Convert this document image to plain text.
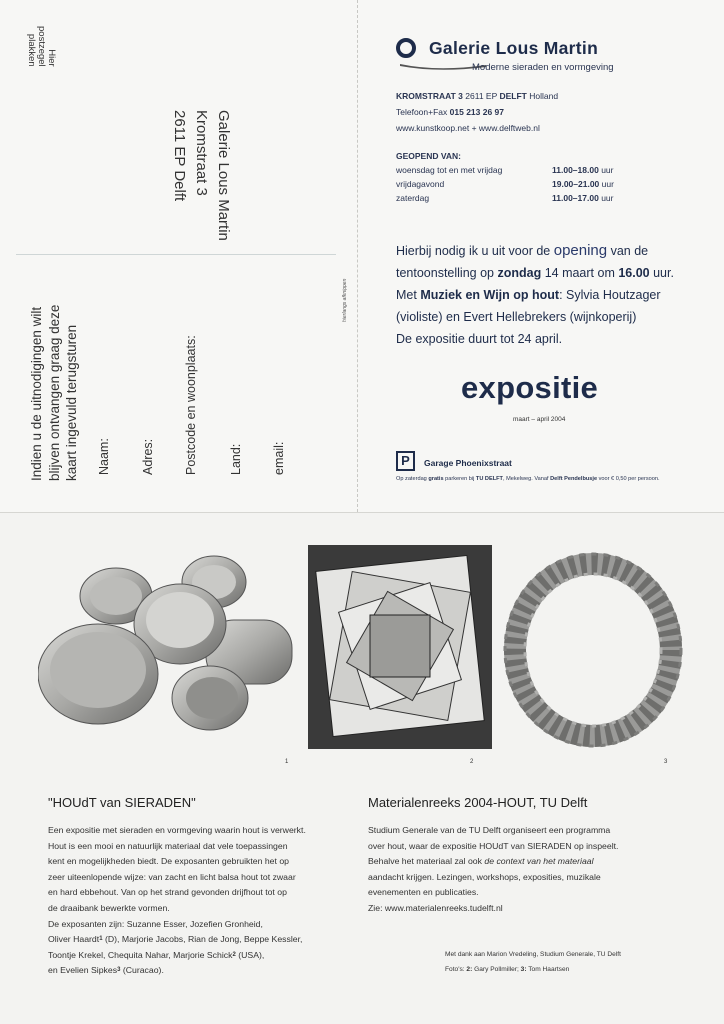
Hier
postzegel
plakken
Galerie Lous Martin
Kromstraat 3
2611 EP Delft
hierlangs afknippen
Indien u de uitnodigingen wilt blijven ontvangen graag deze kaart ingevuld terugsturen Naam: Adres: Postcode en woonplaats: Land: email:
Galerie Lous Martin
Moderne sieraden en vormgeving
KROMSTRAAT 3 2611 EP DELFT Holland
Telefoon+Fax 015 213 26 97
www.kunstkoop.net + www.delftweb.nl
GEOPEND VAN:
woensdag tot en met vrijdag	11.00–18.00 uur
vrijdagavond	19.00–21.00 uur
zaterdag	11.00–17.00 uur
Hierbij nodig ik u uit voor de opening van de
tentoonstelling op zondag 14 maart om 16.00 uur.
Met Muziek en Wijn op hout: Sylvia Houtzager
(violiste) en Evert Hellebrekers (wijnkoperij)
De expositie duurt tot 24 april.
expositie
maart – april 2004
P	Garage Phoenixstraat
Op zaterdag gratis parkeren bij TU DELFT, Mekelweg. Vanaf Delft Pendelbusje voor € 0,50 per persoon.
1	2	3
"HOUdT van SIERADEN"
Een expositie met sieraden en vormgeving waarin hout is verwerkt.
Hout is een mooi en natuurlijk materiaal dat vele toepassingen
kent en mogelijkheden biedt. De exposanten gebruikten het op
zeer uiteenlopende wijze: van zacht en licht balsa hout tot zwaar
en hard ebbehout. Van op het strand gevonden drijfhout tot op
de draaibank bewerkte vormen.
De exposanten zijn: Suzanne Esser, Jozefien Gronheid,
Oliver Haardt$^1$ (D), Marjorie Jacobs, Rian de Jong, Beppe Kessler,
Toontje Krekel, Chequita Nahar, Marjorie Schick$^2$ (USA),
en Evelien Sipkes$^3$ (Curacao).
Materialenreeks 2004-HOUT, TU Delft
Studium Generale van de TU Delft organiseert een programma
over hout, waar de expositie HOUdT van SIERADEN op inspeelt.
Behalve het materiaal zal ook de context van het materiaal
aandacht krijgen. Lezingen, workshops, exposities, muzikale
evenementen en publicaties.
Zie: www.materialenreeks.tudelft.nl
Met dank aan Marion Vredeling, Studium Generale, TU Delft
Foto's: 2: Gary Pollmiller; 3: Tom Haartsen
